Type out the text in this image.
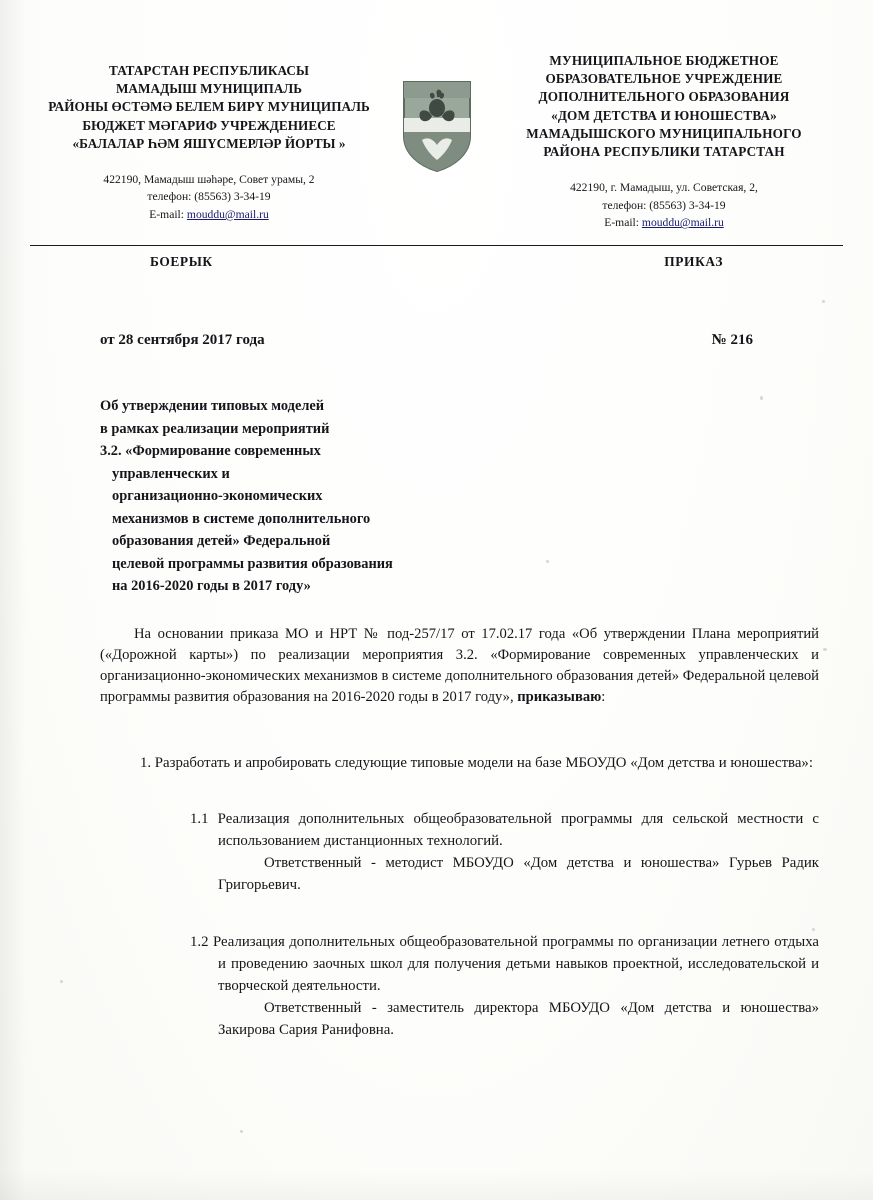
ТАТАРСТАН РЕСПУБЛИКАСЫ
МАМАДЫШ МУНИЦИПАЛЬ
РАЙОНЫ ӨСТӘМӘ БЕЛЕМ БИРҮ МУНИЦИПАЛЬ
БЮДЖЕТ МӘГАРИФ УЧРЕЖДЕНИЕСЕ
«БАЛАЛАР ҺӘМ ЯШҮСМЕРЛӘР ЙОРТЫ »
422190, Мамадыш шәһәре, Совет урамы, 2
телефон: (85563) 3-34-19
E-mail: mouddu@mail.ru
МУНИЦИПАЛЬНОЕ БЮДЖЕТНОЕ
ОБРАЗОВАТЕЛЬНОЕ УЧРЕЖДЕНИЕ
ДОПОЛНИТЕЛЬНОГО ОБРАЗОВАНИЯ
«ДОМ ДЕТСТВА И ЮНОШЕСТВА»
МАМАДЫШСКОГО МУНИЦИПАЛЬНОГО
РАЙОНА РЕСПУБЛИКИ ТАТАРСТАН
422190, г. Мамадыш, ул. Советская, 2,
телефон: (85563) 3-34-19
E-mail: mouddu@mail.ru
БОЕРЫК	ПРИКАЗ
от 28 сентября 2017 года	№ 216
Об утверждении типовых моделей
в рамках реализации мероприятий
3.2. «Формирование современных
управленческих и
организационно-экономических
механизмов в системе дополнительного
образования детей» Федеральной
целевой программы развития образования
на 2016-2020 годы в 2017 году»
На основании приказа МО и НРТ № под-257/17 от 17.02.17 года «Об утверждении Плана мероприятий («Дорожной карты») по реализации мероприятия 3.2. «Формирование современных управленческих и организационно-экономических механизмов в системе дополнительного образования детей» Федеральной целевой программы развития образования на 2016-2020 годы в 2017 году», приказываю:
1. Разработать и апробировать следующие типовые модели на базе МБОУДО «Дом детства и юношества»:
1.1 Реализация дополнительных общеобразовательной программы для сельской местности с использованием дистанционных технологий.
Ответственный - методист МБОУДО «Дом детства и юношества» Гурьев Радик Григорьевич.
1.2 Реализация дополнительных общеобразовательной программы по организации летнего отдыха и проведению заочных школ для получения детьми навыков проектной, исследовательской и творческой деятельности.
Ответственный - заместитель директора МБОУДО «Дом детства и юношества» Закирова Сария Ранифовна.
